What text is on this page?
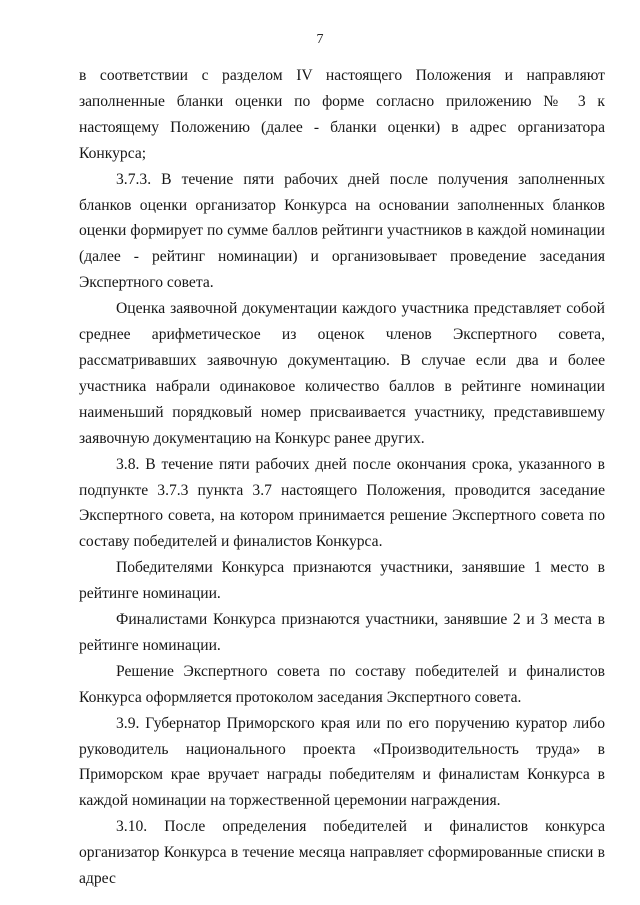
7

в соответствии с разделом IV настоящего Положения и направляют заполненные бланки оценки по форме согласно приложению № 3 к настоящему Положению (далее - бланки оценки) в адрес организатора Конкурса;

3.7.3. В течение пяти рабочих дней после получения заполненных бланков оценки организатор Конкурса на основании заполненных бланков оценки формирует по сумме баллов рейтинги участников в каждой номинации (далее - рейтинг номинации) и организовывает проведение заседания Экспертного совета.

Оценка заявочной документации каждого участника представляет собой среднее арифметическое из оценок членов Экспертного совета, рассматривавших заявочную документацию. В случае если два и более участника набрали одинаковое количество баллов в рейтинге номинации наименьший порядковый номер присваивается участнику, представившему заявочную документацию на Конкурс ранее других.

3.8. В течение пяти рабочих дней после окончания срока, указанного в подпункте 3.7.3 пункта 3.7 настоящего Положения, проводится заседание Экспертного совета, на котором принимается решение Экспертного совета по составу победителей и финалистов Конкурса.

Победителями Конкурса признаются участники, занявшие 1 место в рейтинге номинации.

Финалистами Конкурса признаются участники, занявшие 2 и 3 места в рейтинге номинации.

Решение Экспертного совета по составу победителей и финалистов Конкурса оформляется протоколом заседания Экспертного совета.

3.9. Губернатор Приморского края или по его поручению куратор либо руководитель национального проекта «Производительность труда» в Приморском крае вручает награды победителям и финалистам Конкурса в каждой номинации на торжественной церемонии награждения.

3.10. После определения победителей и финалистов конкурса организатор Конкурса в течение месяца направляет сформированные списки в адрес
